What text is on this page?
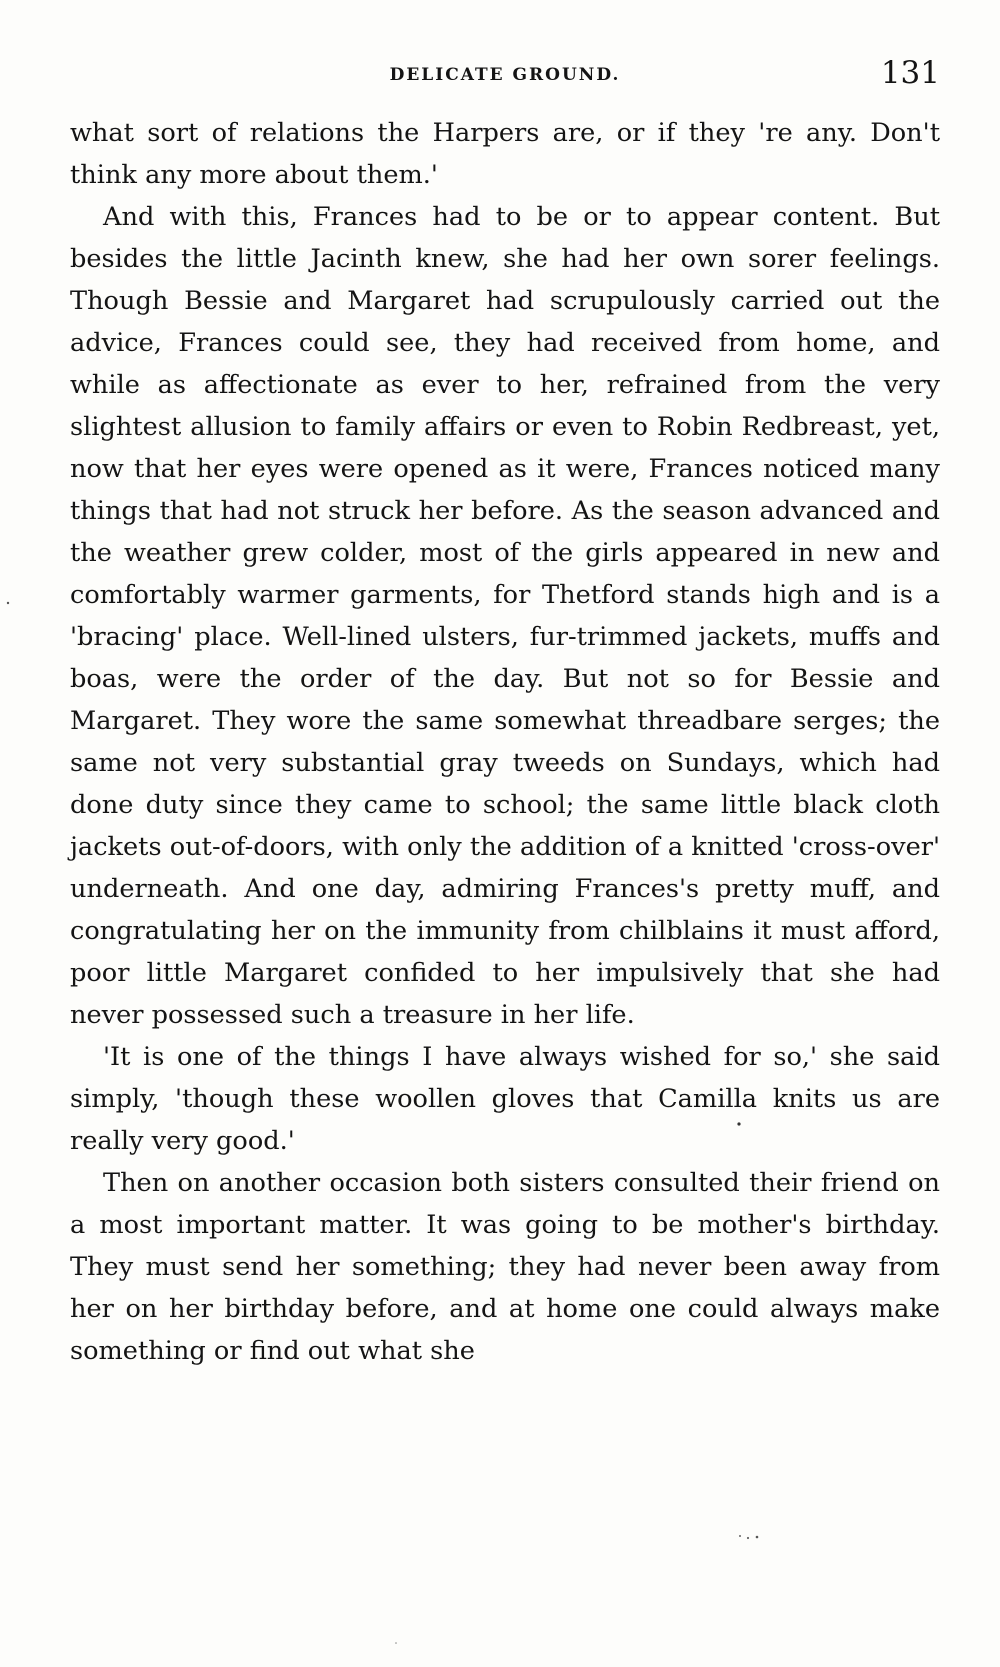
DELICATE GROUND.	131

what sort of relations the Harpers are, or if they 're any. Don't think any more about them.'

And with this, Frances had to be or to appear content. But besides the little Jacinth knew, she had her own sorer feelings. Though Bessie and Margaret had scrupulously carried out the advice, Frances could see, they had received from home, and while as affectionate as ever to her, refrained from the very slightest allusion to family affairs or even to Robin Redbreast, yet, now that her eyes were opened as it were, Frances noticed many things that had not struck her before. As the season advanced and the weather grew colder, most of the girls appeared in new and comfortably warmer garments, for Thetford stands high and is a 'bracing' place. Well-lined ulsters, fur-trimmed jackets, muffs and boas, were the order of the day. But not so for Bessie and Margaret. They wore the same somewhat threadbare serges; the same not very substantial gray tweeds on Sundays, which had done duty since they came to school; the same little black cloth jackets out-of-doors, with only the addition of a knitted 'cross-over' underneath. And one day, admiring Frances's pretty muff, and congratulating her on the immunity from chilblains it must afford, poor little Margaret confided to her impulsively that she had never possessed such a treasure in her life.

'It is one of the things I have always wished for so,' she said simply, 'though these woollen gloves that Camilla knits us are really very good.'

Then on another occasion both sisters consulted their friend on a most important matter. It was going to be mother's birthday. They must send her something; they had never been away from her on her birthday before, and at home one could always make something or find out what she
